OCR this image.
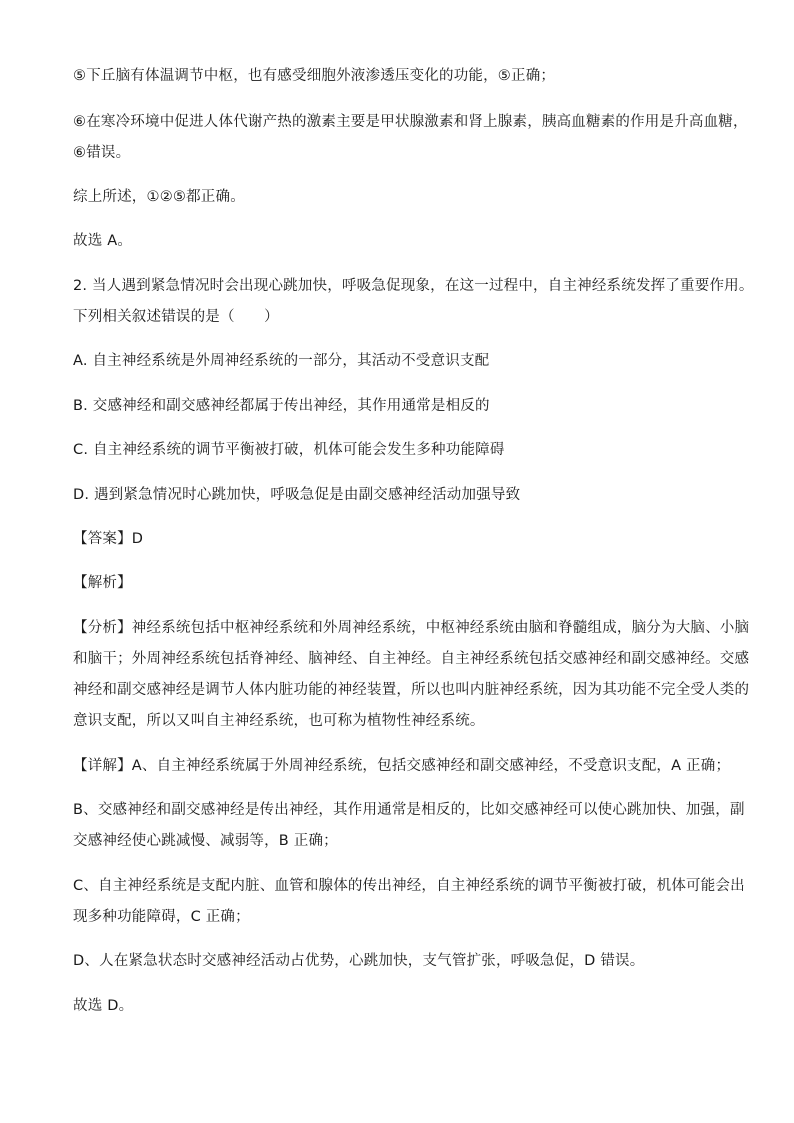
⑤下丘脑有体温调节中枢，也有感受细胞外液渗透压变化的功能，⑤正确；
⑥在寒冷环境中促进人体代谢产热的激素主要是甲状腺激素和肾上腺素，胰高血糖素的作用是升高血糖，
⑥错误。
综上所述，①②⑤都正确。
故选 A。
2. 当人遇到紧急情况时会出现心跳加快，呼吸急促现象，在这一过程中，自主神经系统发挥了重要作用。
下列相关叙述错误的是（　　）
A. 自主神经系统是外周神经系统的一部分，其活动不受意识支配
B. 交感神经和副交感神经都属于传出神经，其作用通常是相反的
C. 自主神经系统的调节平衡被打破，机体可能会发生多种功能障碍
D. 遇到紧急情况时心跳加快，呼吸急促是由副交感神经活动加强导致
【答案】D
【解析】
【分析】神经系统包括中枢神经系统和外周神经系统，中枢神经系统由脑和脊髓组成，脑分为大脑、小脑
和脑干；外周神经系统包括脊神经、脑神经、自主神经。自主神经系统包括交感神经和副交感神经。交感
神经和副交感神经是调节人体内脏功能的神经装置，所以也叫内脏神经系统，因为其功能不完全受人类的
意识支配，所以又叫自主神经系统，也可称为植物性神经系统。
【详解】A、自主神经系统属于外周神经系统，包括交感神经和副交感神经，不受意识支配，A 正确；
B、交感神经和副交感神经是传出神经，其作用通常是相反的，比如交感神经可以使心跳加快、加强，副
交感神经使心跳减慢、减弱等，B 正确；
C、自主神经系统是支配内脏、血管和腺体的传出神经，自主神经系统的调节平衡被打破，机体可能会出
现多种功能障碍，C 正确；
D、人在紧急状态时交感神经活动占优势，心跳加快，支气管扩张，呼吸急促，D 错误。
故选 D。
